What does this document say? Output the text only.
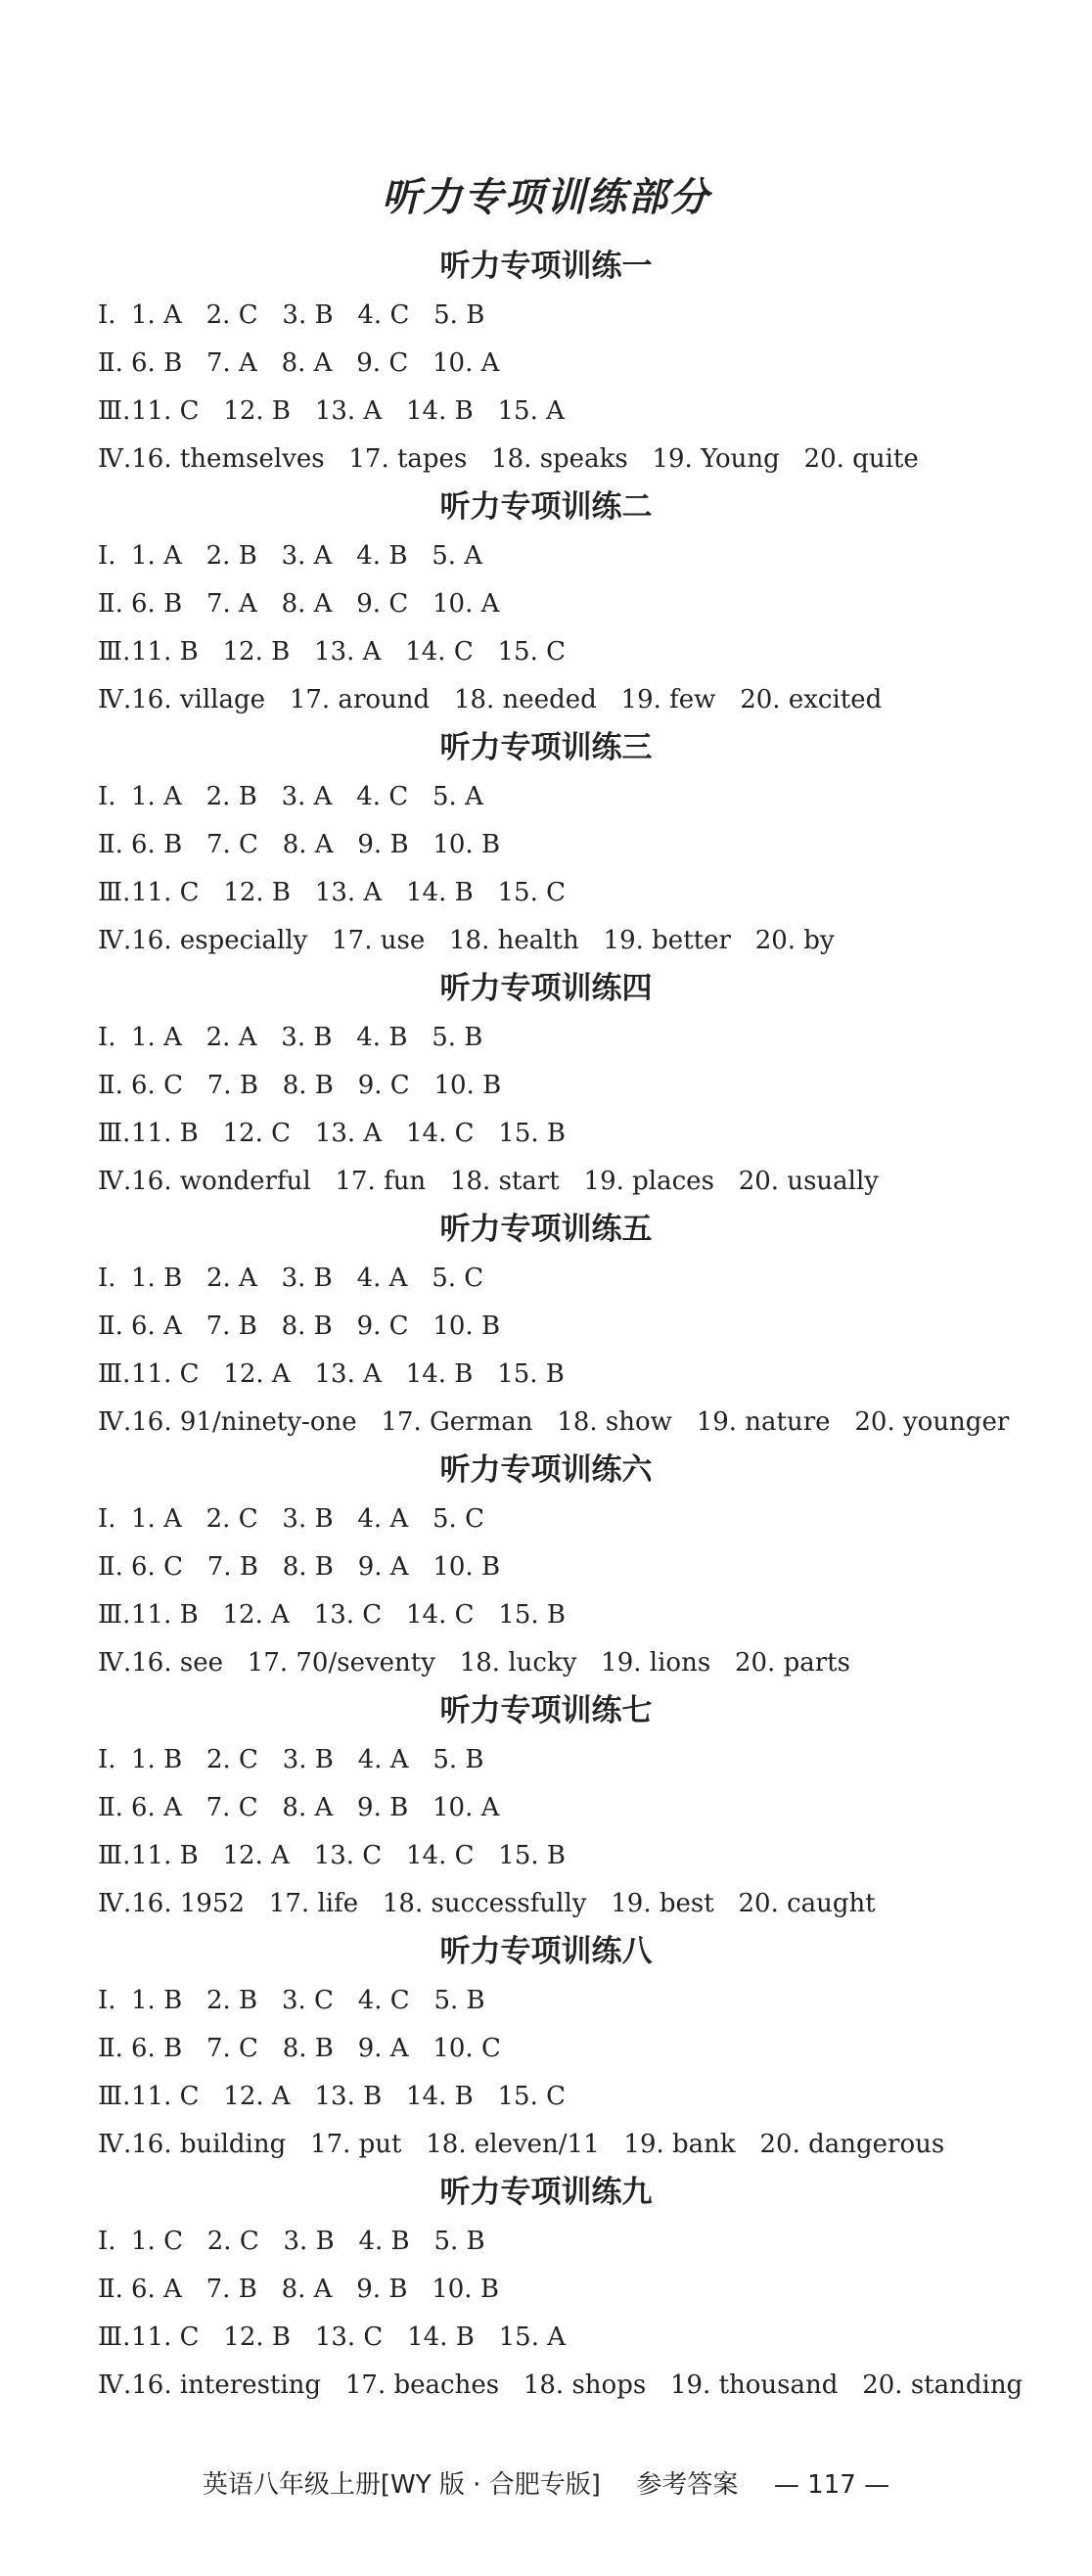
听力专项训练部分
听力专项训练一
Ⅰ. 1. A   2. C   3. B   4. C   5. B
Ⅱ. 6. B   7. A   8. A   9. C   10. A
Ⅲ.11. C   12. B   13. A   14. B   15. A
Ⅳ.16. themselves   17. tapes   18. speaks   19. Young   20. quite
听力专项训练二
Ⅰ. 1. A   2. B   3. A   4. B   5. A
Ⅱ. 6. B   7. A   8. A   9. C   10. A
Ⅲ.11. B   12. B   13. A   14. C   15. C
Ⅳ.16. village   17. around   18. needed   19. few   20. excited
听力专项训练三
Ⅰ. 1. A   2. B   3. A   4. C   5. A
Ⅱ. 6. B   7. C   8. A   9. B   10. B
Ⅲ.11. C   12. B   13. A   14. B   15. C
Ⅳ.16. especially   17. use   18. health   19. better   20. by
听力专项训练四
Ⅰ. 1. A   2. A   3. B   4. B   5. B
Ⅱ. 6. C   7. B   8. B   9. C   10. B
Ⅲ.11. B   12. C   13. A   14. C   15. B
Ⅳ.16. wonderful   17. fun   18. start   19. places   20. usually
听力专项训练五
Ⅰ. 1. B   2. A   3. B   4. A   5. C
Ⅱ. 6. A   7. B   8. B   9. C   10. B
Ⅲ.11. C   12. A   13. A   14. B   15. B
Ⅳ.16. 91/ninety-one   17. German   18. show   19. nature   20. younger
听力专项训练六
Ⅰ. 1. A   2. C   3. B   4. A   5. C
Ⅱ. 6. C   7. B   8. B   9. A   10. B
Ⅲ.11. B   12. A   13. C   14. C   15. B
Ⅳ.16. see   17. 70/seventy   18. lucky   19. lions   20. parts
听力专项训练七
Ⅰ. 1. B   2. C   3. B   4. A   5. B
Ⅱ. 6. A   7. C   8. A   9. B   10. A
Ⅲ.11. B   12. A   13. C   14. C   15. B
Ⅳ.16. 1952   17. life   18. successfully   19. best   20. caught
听力专项训练八
Ⅰ. 1. B   2. B   3. C   4. C   5. B
Ⅱ. 6. B   7. C   8. B   9. A   10. C
Ⅲ.11. C   12. A   13. B   14. B   15. C
Ⅳ.16. building   17. put   18. eleven/11   19. bank   20. dangerous
听力专项训练九
Ⅰ. 1. C   2. C   3. B   4. B   5. B
Ⅱ. 6. A   7. B   8. A   9. B   10. B
Ⅲ.11. C   12. B   13. C   14. B   15. A
Ⅳ.16. interesting   17. beaches   18. shops   19. thousand   20. standing
英语八年级上册[WY 版 · 合肥专版] 参考答案 — 117 —
